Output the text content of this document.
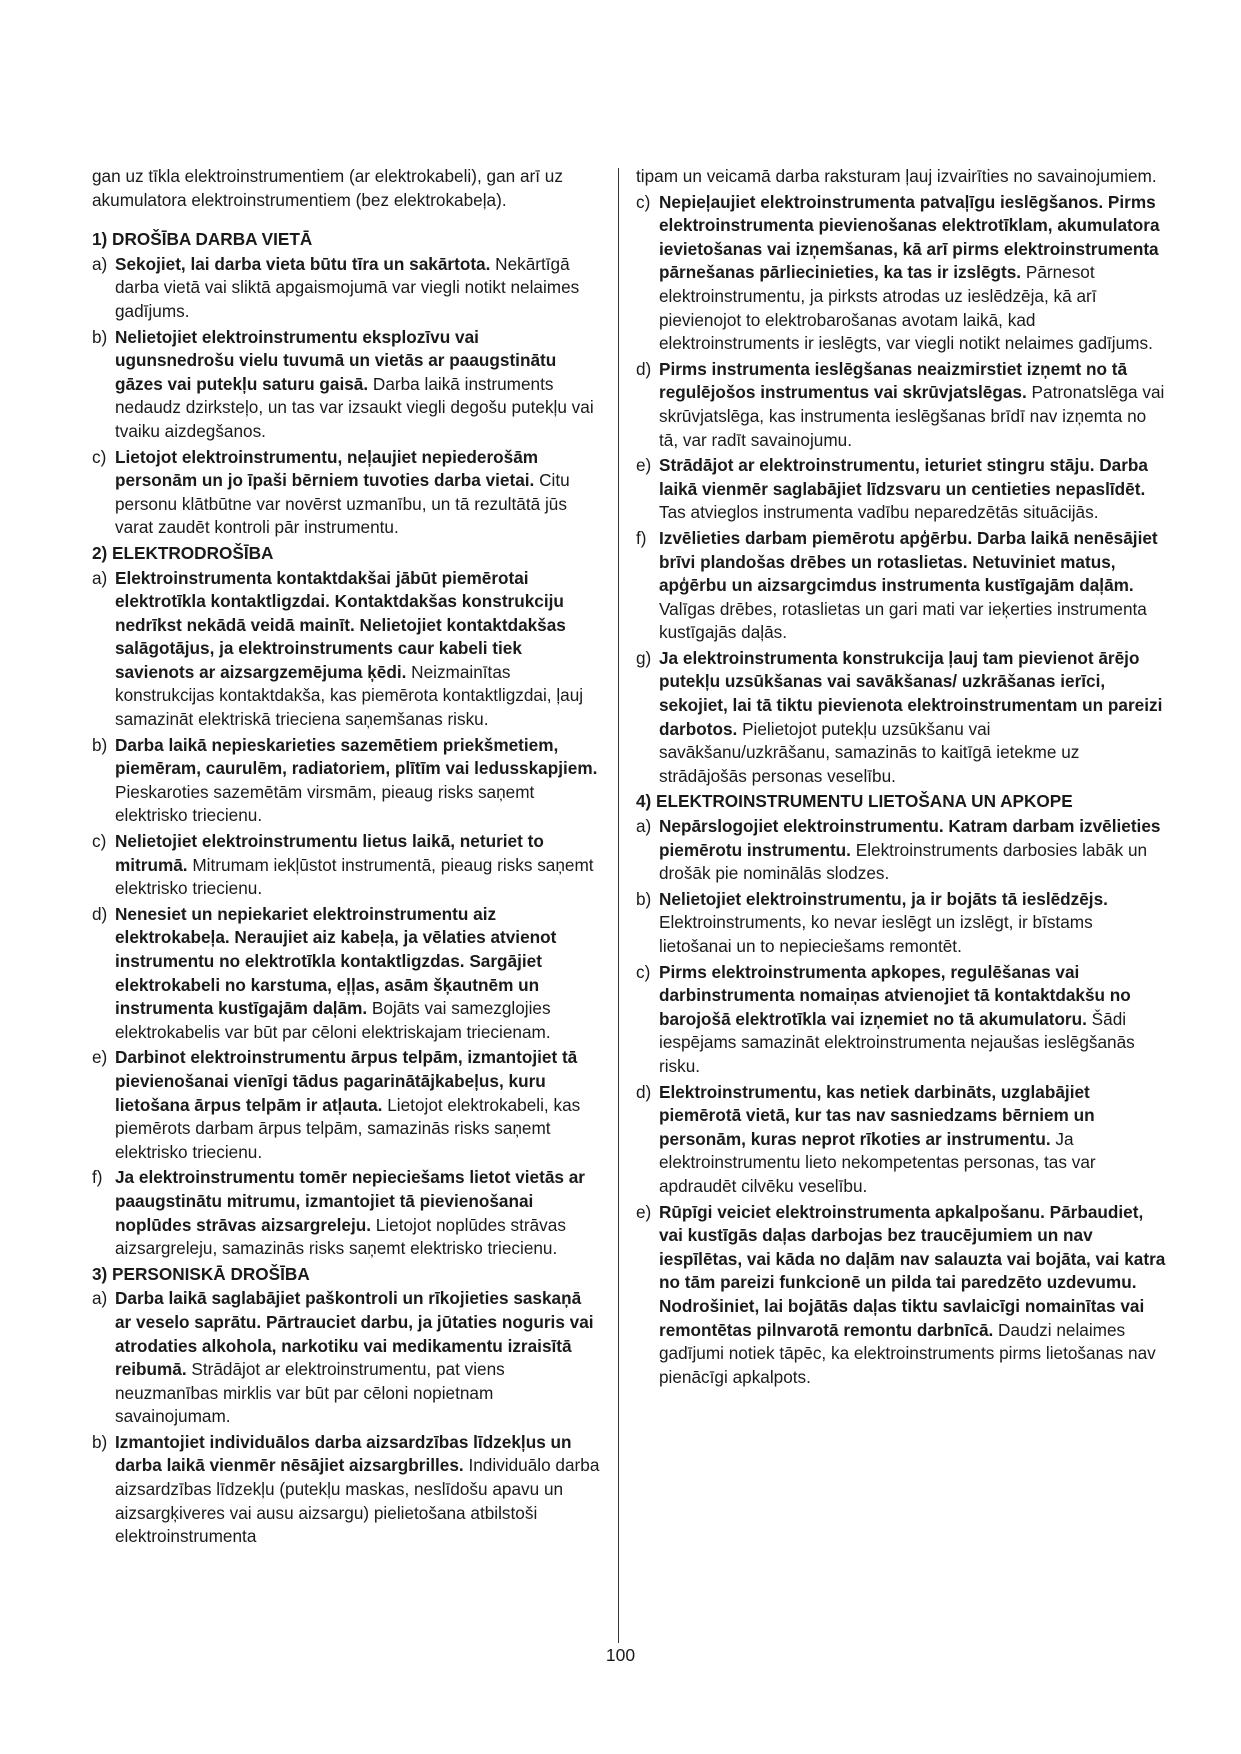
gan uz tīkla elektroinstrumentiem (ar elektrokabeli), gan arī uz akumulatora elektroinstrumentiem (bez elektrokabeļa).

1) DROŠĪBA DARBA VIETĀ

a) Sekojiet, lai darba vieta būtu tīra un sakārtota. Nekārtīgā darba vietā vai sliktā apgaismojumā var viegli notikt nelaimes gadījums.
b) Nelietojiet elektroinstrumentu eksplozīvu vai ugunsnedrošu vielu tuvumā un vietās ar paaugstinātu gāzes vai putekļu saturu gaisā. Darba laikā instruments nedaudz dzirksteļo, un tas var izsaukt viegli degošu putekļu vai tvaiku aizdegšanos.
c) Lietojot elektroinstrumentu, neļaujiet nepiederošām personām un jo īpaši bērniem tuvoties darba vietai. Citu personu klātbūtne var novērst uzmanību, un tā rezultātā jūs varat zaudēt kontroli pār instrumentu.

2) ELEKTRODROŠĪBA

a) Elektroinstrumenta kontaktdakšai jābūt piemērotai elektrotīkla kontaktligzdai. Kontaktdakšas konstrukciju nedrīkst nekādā veidā mainīt. Nelietojiet kontaktdakšas salāgotājus, ja elektroinstruments caur kabeli tiek savienots ar aizsargzemējuma ķēdi. Neizmainītas konstrukcijas kontaktdakša, kas piemērota kontaktligzdai, ļauj samazināt elektriskā trieciena saņemšanas risku.
b) Darba laikā nepieskarieties sazemētiem priekšmetiem, piemēram, caurulēm, radiatoriem, plītīm vai ledusskapjiem. Pieskaroties sazemētām virsmām, pieaug risks saņemt elektrisko triecienu.
c) Nelietojiet elektroinstrumentu lietus laikā, neturiet to mitrumā. Mitrumam iekļūstot instrumentā, pieaug risks saņemt elektrisko triecienu.
d) Nenesiet un nepiekariet elektroinstrumentu aiz elektrokabeļa. Neraujiet aiz kabeļa, ja vēlaties atvienot instrumentu no elektrotīkla kontaktligzdas. Sargājiet elektrokabeli no karstuma, eļļas, asām šķautnēm un instrumenta kustīgajām daļām. Bojāts vai samezglojies elektrokabelis var būt par cēloni elektriskajam triecienam.
e) Darbinot elektroinstrumentu ārpus telpām, izmantojiet tā pievienošanai vienīgi tādus pagarinātājkabeļus, kuru lietošana ārpus telpām ir atļauta. Lietojot elektrokabeli, kas piemērots darbam ārpus telpām, samazinās risks saņemt elektrisko triecienu.
f) Ja elektroinstrumentu tomēr nepieciešams lietot vietās ar paaugstinātu mitrumu, izmantojiet tā pievienošanai noplūdes strāvas aizsargreleju. Lietojot noplūdes strāvas aizsargreleju, samazinās risks saņemt elektrisko triecienu.

3) PERSONISKĀ DROŠĪBA

a) Darba laikā saglabājiet paškontroli un rīkojieties saskaņā ar veselo saprātu. Pārtrauciet darbu, ja jūtaties noguris vai atrodaties alkohola, narkotiku vai medikamentu izraisītā reibumā. Strādājot ar elektroinstrumentu, pat viens neuzmanības mirklis var būt par cēloni nopietnam savainojumam.
b) Izmantojiet individuālos darba aizsardzības līdzekļus un darba laikā vienmēr nēsājiet aizsargbrilles. Individuālo darba aizsardzības līdzekļu (putekļu maskas, neslīdošu apavu un aizsargķiveres vai ausu aizsargu) pielietošana atbilstoši elektroinstrumenta

tipam un veicamā darba raksturam ļauj izvairīties no savainojumiem.

c) Nepieļaujiet elektroinstrumenta patvaļīgu ieslēgšanos. Pirms elektroinstrumenta pievienošanas elektrotīklam, akumulatora ievietošanas vai izņemšanas, kā arī pirms elektroinstrumenta pārnešanas pārliecinieties, ka tas ir izslēgts. Pārnesot elektroinstrumentu, ja pirksts atrodas uz ieslēdzēja, kā arī pievienojot to elektrobarošanas avotam laikā, kad elektroinstruments ir ieslēgts, var viegli notikt nelaimes gadījums.
d) Pirms instrumenta ieslēgšanas neaizmirstiet izņemt no tā regulējošos instrumentus vai skrūvjatslēgas. Patronatslēga vai skrūvjatslēga, kas instrumenta ieslēgšanas brīdī nav izņemta no tā, var radīt savainojumu.
e) Strādājot ar elektroinstrumentu, ieturiet stingru stāju. Darba laikā vienmēr saglabājiet līdzsvaru un centieties nepaslīdēt. Tas atvieglos instrumenta vadību neparedzētās situācijās.
f) Izvēlieties darbam piemērotu apģērbu. Darba laikā nenēsājiet brīvi plandošas drēbes un rotaslietas. Netuviniet matus, apģērbu un aizsargcimdus instrumenta kustīgajām daļām. Valīgas drēbes, rotaslietas un gari mati var ieķerties instrumenta kustīgajās daļās.
g) Ja elektroinstrumenta konstrukcija ļauj tam pievienot ārējo putekļu uzsūkšanas vai savākšanas/ uzkrāšanas ierīci, sekojiet, lai tā tiktu pievienota elektroinstrumentam un pareizi darbotos. Pielietojot putekļu uzsūkšanu vai savākšanu/uzkrāšanu, samazinās to kaitīgā ietekme uz strādājošās personas veselību.

4) ELEKTROINSTRUMENTU LIETOŠANA UN APKOPE

a) Nepārslogojiet elektroinstrumentu. Katram darbam izvēlieties piemērotu instrumentu. Elektroinstruments darbosies labāk un drošāk pie nominālās slodzes.
b) Nelietojiet elektroinstrumentu, ja ir bojāts tā ieslēdzējs. Elektroinstruments, ko nevar ieslēgt un izslēgt, ir bīstams lietošanai un to nepieciešams remontēt.
c) Pirms elektroinstrumenta apkopes, regulēšanas vai darbinstrumenta nomaiņas atvienojiet tā kontaktdakšu no barojošā elektrotīkla vai izņemiet no tā akumulatoru. Šādi iespējams samazināt elektroinstrumenta nejaušas ieslēgšanās risku.
d) Elektroinstrumentu, kas netiek darbināts, uzglabājiet piemērotā vietā, kur tas nav sasniedzams bērniem un personām, kuras neprot rīkoties ar instrumentu. Ja elektroinstrumentu lieto nekompetentas personas, tas var apdraudēt cilvēku veselību.
e) Rūpīgi veiciet elektroinstrumenta apkalpošanu. Pārbaudiet, vai kustīgās daļas darbojas bez traucējumiem un nav iespīlētas, vai kāda no daļām nav salauzta vai bojāta, vai katra no tām pareizi funkcionē un pilda tai paredzēto uzdevumu. Nodrošiniet, lai bojātās daļas tiktu savlaicīgi nomainītas vai remontētas pilnvarotā remontu darbnīcā. Daudzi nelaimes gadījumi notiek tāpēc, ka elektroinstruments pirms lietošanas nav pienācīgi apkalpots.
100
